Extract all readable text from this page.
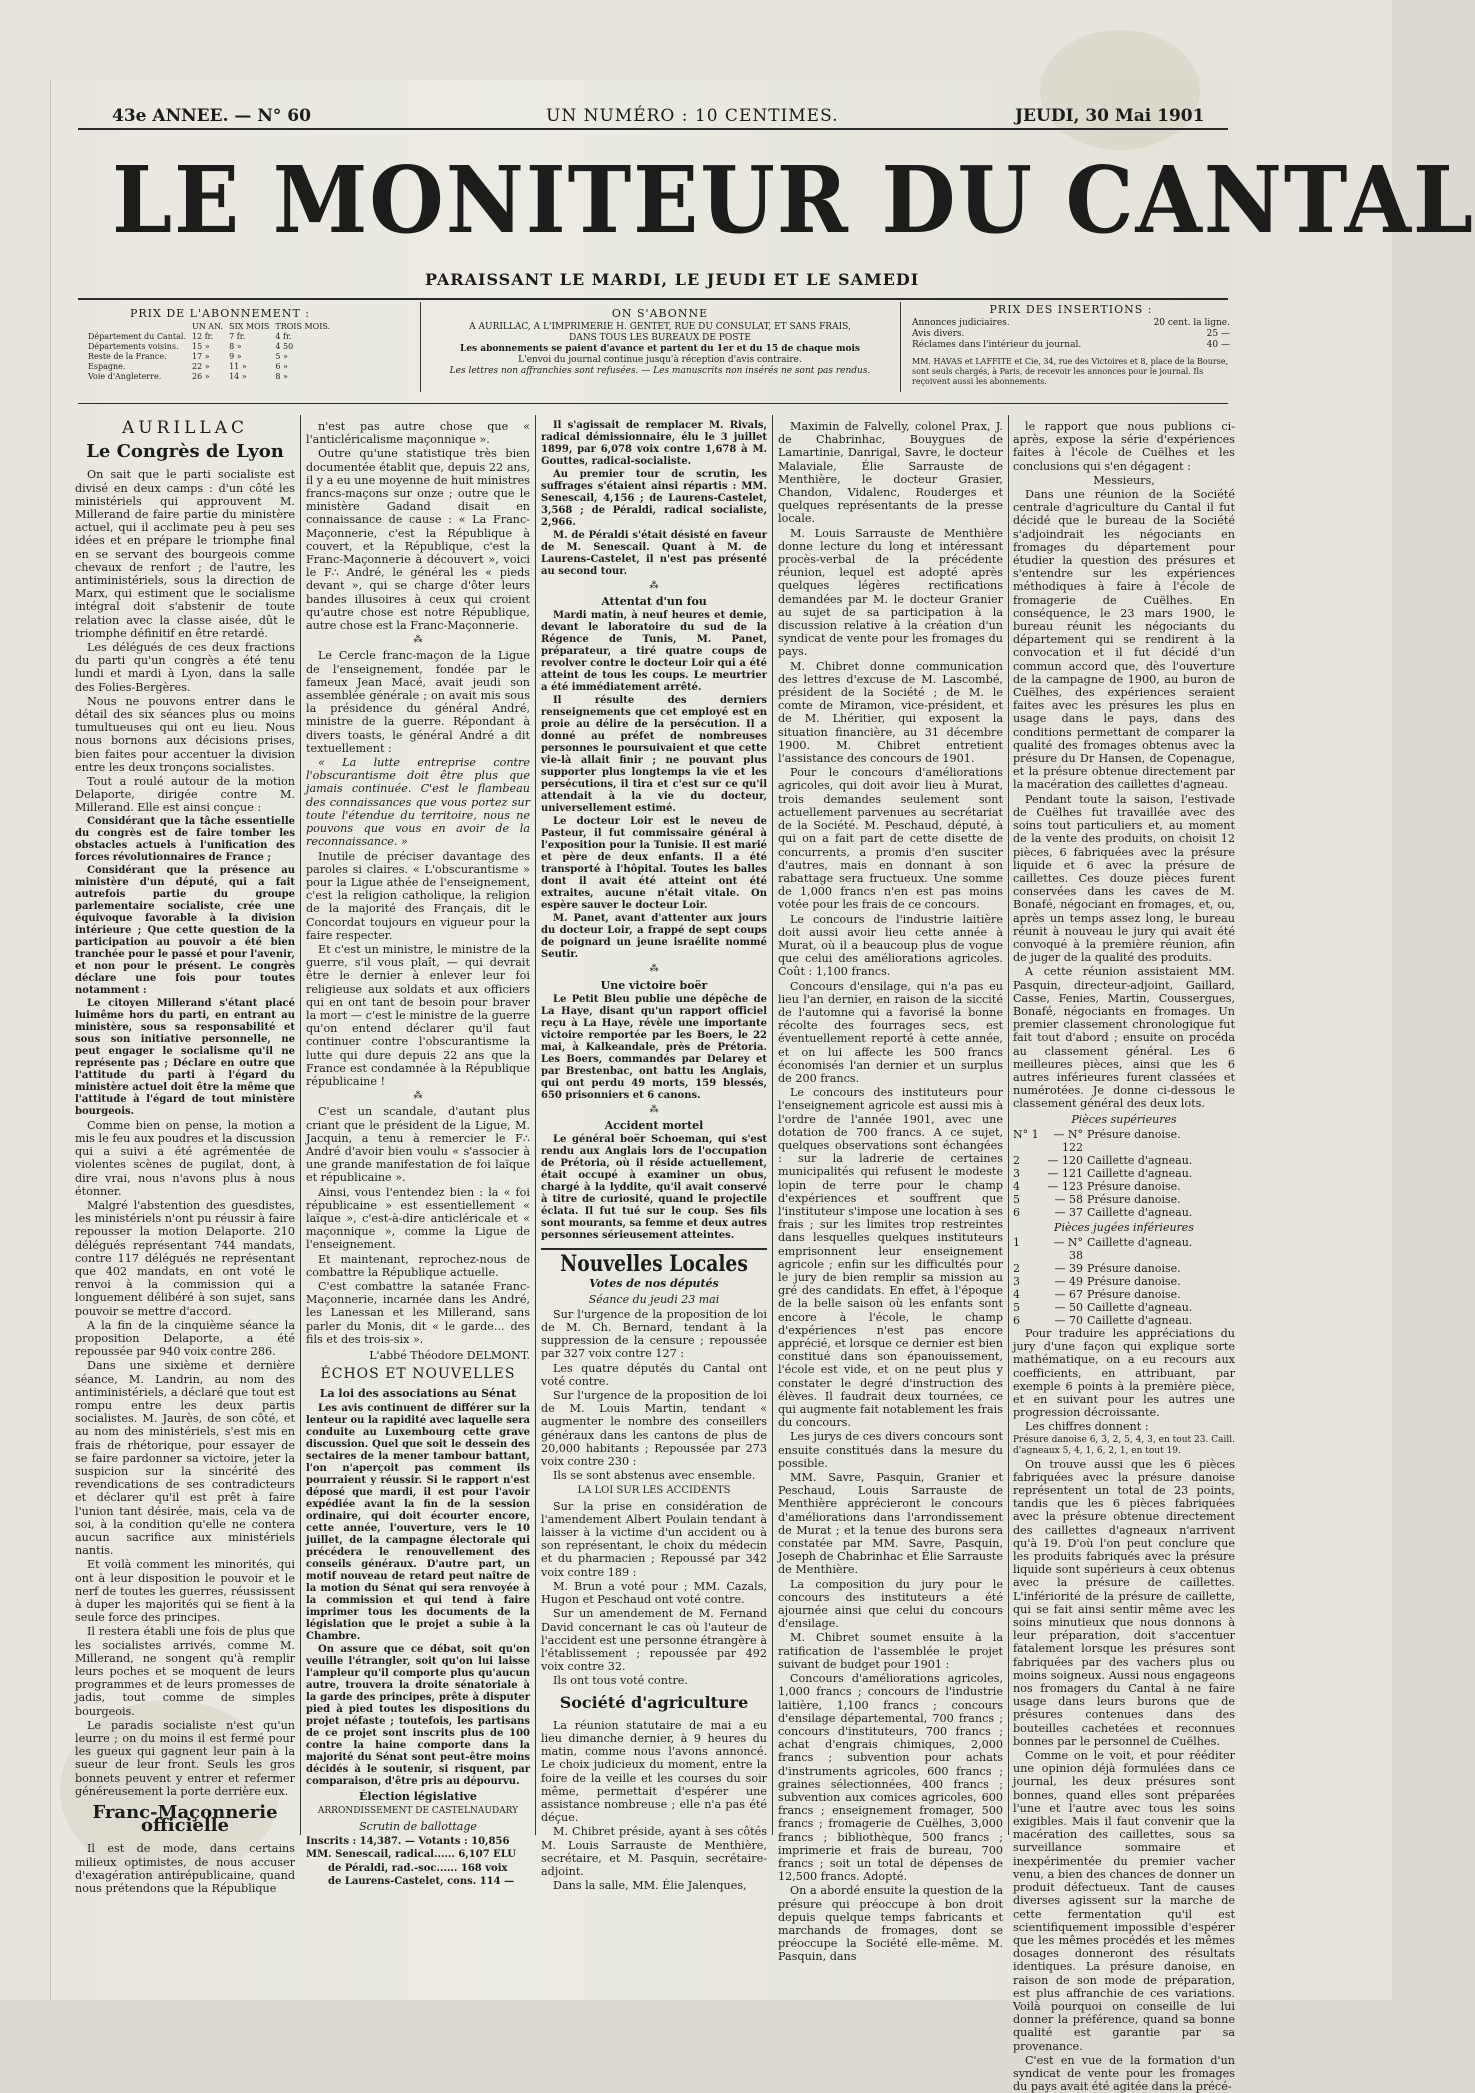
43e ANNEE. — N° 60	UN NUMÉRO : 10 CENTIMES.	JEUDI, 30 Mai 1901
LE MONITEUR DU CANTAL
PARAISSANT LE MARDI, LE JEUDI ET LE SAMEDI
PRIX DE L'ABONNEMENT :
	UN AN.	SIX MOIS	TROIS MOIS.
Département du Cantal.	12 fr.	7 fr.	4 fr.
Départements voisins.	15 »	8 »	4 50
Reste de la France.	17 »	9 »	5 »
Espagne.	22 »	11 »	6 »
Voie d'Angleterre.	26 »	14 »	8 »
ON S'ABONNE
A AURILLAC, A L'IMPRIMERIE H. GENTET, RUE DU CONSULAT, ET SANS FRAIS,
DANS TOUS LES BUREAUX DE POSTE
Les abonnements se paient d'avance et partent du 1er et du 15 de chaque mois
L'envoi du journal continue jusqu'à réception d'avis contraire.
Les lettres non affranchies sont refusées. — Les manuscrits non insérés ne sont pas rendus.
PRIX DES INSERTIONS :
Annonces judiciaires.	20 cent. la ligne.
Avis divers.	25 —
Réclames dans l'intérieur du journal.	40 —
MM. HAVAS et LAFFITE et Cie, 34, rue des Victoires et 8, place de la Bourse, sont seuls chargés, à Paris, de recevoir les annonces pour le journal. Ils reçoivent aussi les abonnements.
AURILLAC
Le Congrès de Lyon

On sait que le parti socialiste est divisé en deux camps : d'un côté les ministériels qui approuvent M. Millerand de faire partie du ministère actuel, qui il acclimate peu à peu ses idées et en prépare le triomphe final en se servant des bourgeois comme chevaux de renfort ; de l'autre, les antiministériels, sous la direction de Marx, qui estiment que le socialisme intégral doit s'abstenir de toute relation avec la classe aisée, dût le triomphe définitif en être retardé.

Les délégués de ces deux fractions du parti qu'un congrès a été tenu lundi et mardi à Lyon, dans la salle des Folies-Bergères.

Nous ne pouvons entrer dans le détail des six séances plus ou moins tumultueuses qui ont eu lieu. Nous nous bornons aux décisions prises, bien faites pour accentuer la division entre les deux tronçons socialistes.

Tout a roulé autour de la motion Delaporte, dirigée contre M. Millerand. Elle est ainsi conçue :

Considérant que la tâche essentielle du congrès est de faire tomber les obstacles actuels à l'unification des forces révolutionnaires de France ;

Considérant que la présence au ministère d'un député, qui a fait autrefois partie du groupe parlementaire socialiste, crée une équivoque favorable à la division intérieure ; Que cette question de la participation au pouvoir a été bien tranchée pour le passé et pour l'avenir, et non pour le présent. Le congrès déclare une fois pour toutes notamment :

Le citoyen Millerand s'étant placé luimême hors du parti, en entrant au ministère, sous sa responsabilité et sous son initiative personnelle, ne peut engager le socialisme qu'il ne représente pas ; Déclare en outre que l'attitude du parti à l'égard du ministère actuel doit être la même que l'attitude à l'égard de tout ministère bourgeois.

Comme bien on pense, la motion a mis le feu aux poudres et la discussion qui a suivi a été agrémentée de violentes scènes de pugilat, dont, à dire vrai, nous n'avons plus à nous étonner.

Malgré l'abstention des guesdistes, les ministériels n'ont pu réussir à faire repousser la motion Delaporte. 210 délégués représentant 744 mandats, contre 117 délégués ne représentant que 402 mandats, en ont voté le renvoi à la commission qui a longuement délibéré à son sujet, sans pouvoir se mettre d'accord.

A la fin de la cinquième séance la proposition Delaporte, a été repoussée par 940 voix contre 286.

Dans une sixième et dernière séance, M. Landrin, au nom des antiministériels, a déclaré que tout est rompu entre les deux partis socialistes. M. Jaurès, de son côté, et au nom des ministériels, s'est mis en frais de rhétorique, pour essayer de se faire pardonner sa victoire, jeter la suspicion sur la sincérité des revendications de ses contradicteurs et déclarer qu'il est prêt à faire l'union tant désirée, mais, cela va de soi, à la condition qu'elle ne contera aucun sacrifice aux ministériels nantis.

Et voilà comment les minorités, qui ont à leur disposition le pouvoir et le nerf de toutes les guerres, réussissent à duper les majorités qui se fient à la seule force des principes.

Il restera établi une fois de plus que les socialistes arrivés, comme M. Millerand, ne songent qu'à remplir leurs poches et se moquent de leurs programmes et de leurs promesses de jadis, tout comme de simples bourgeois.

Le paradis socialiste n'est qu'un leurre ; on du moins il est fermé pour les gueux qui gagnent leur pain à la sueur de leur front. Seuls les gros bonnets peuvent y entrer et refermer généreusement la porte derrière eux.

Franc-Maçonnerie officielle

Il est de mode, dans certains milieux optimistes, de nous accuser d'exagération antirépublicaine, quand nous prétendons que la République

n'est pas autre chose que « l'anticléricalisme maçonnique ».

Outre qu'une statistique très bien documentée établit que, depuis 22 ans, il y a eu une moyenne de huit ministres francs-maçons sur onze ; outre que le ministère Gadand disait en connaissance de cause : « La Franc-Maçonnerie, c'est la République à couvert, et la République, c'est la Franc-Maçonnerie à découvert », voici le F∴ André, le général les « pieds devant », qui se charge d'ôter leurs bandes illusoires à ceux qui croient qu'autre chose est notre République, autre chose est la Franc-Maçonnerie.

⁂

Le Cercle franc-maçon de la Ligue de l'enseignement, fondée par le fameux Jean Macé, avait jeudi son assemblée générale ; on avait mis sous la présidence du général André, ministre de la guerre. Répondant à divers toasts, le général André a dit textuellement :

« La lutte entreprise contre l'obscurantisme doit être plus que jamais continuée. C'est le flambeau des connaissances que vous portez sur toute l'étendue du territoire, nous ne pouvons que vous en avoir de la reconnaissance. »

Inutile de préciser davantage des paroles si claires. « L'obscurantisme » pour la Ligue athée de l'enseignement, c'est la religion catholique, la religion de la majorité des Français, dit le Concordat toujours en vigueur pour la faire respecter.

Et c'est un ministre, le ministre de la guerre, s'il vous plaît, — qui devrait être le dernier à enlever leur foi religieuse aux soldats et aux officiers qui en ont tant de besoin pour braver la mort — c'est le ministre de la guerre qu'on entend déclarer qu'il faut continuer contre l'obscurantisme la lutte qui dure depuis 22 ans que la France est condamnée à la République républicaine !

⁂

C'est un scandale, d'autant plus criant que le président de la Ligue, M. Jacquin, a tenu à remercier le F∴ André d'avoir bien voulu « s'associer à une grande manifestation de foi laïque et républicaine ».

Ainsi, vous l'entendez bien : la « foi républicaine » est essentiellement « laïque », c'est-à-dire anticléricale et « maçonnique », comme la Ligue de l'enseignement.

Et maintenant, reprochez-nous de combattre la République actuelle.

C'est combattre la satanée Franc-Maçonnerie, incarnée dans les André, les Lanessan et les Millerand, sans parler du Monis, dit « le garde... des fils et des trois-six ».

L'abbé Théodore DELMONT.
ÉCHOS ET NOUVELLES
La loi des associations au Sénat

Les avis continuent de différer sur la lenteur ou la rapidité avec laquelle sera conduite au Luxembourg cette grave discussion. Quel que soit le dessein des sectaires de la mener tambour battant, l'on n'aperçoit pas comment ils pourraient y réussir. Si le rapport n'est déposé que mardi, il est pour l'avoir expédiée avant la fin de la session ordinaire, qui doit écourter encore, cette année, l'ouverture, vers le 10 juillet, de la campagne électorale qui précédera le renouvellement des conseils généraux. D'autre part, un motif nouveau de retard peut naître de la motion du Sénat qui sera renvoyée à la commission et qui tend à faire imprimer tous les documents de la législation que le projet a subie à la Chambre.

On assure que ce débat, soit qu'on veuille l'étrangler, soit qu'on lui laisse l'ampleur qu'il comporte plus qu'aucun autre, trouvera la droite sénatoriale à la garde des principes, prête à disputer pied à pied toutes les dispositions du projet néfaste ; toutefois, les partisans de ce projet sont inscrits plus de 100 contre la haine comporte dans la majorité du Sénat sont peut-être moins décidés à le soutenir, si risquent, par comparaison, d'être pris au dépourvu.

Élection législative
ARRONDISSEMENT DE CASTELNAUDARY
Scrutin de ballottage
Inscrits : 14,387. — Votants : 10,856
MM. Senescail, radical...... 6,107 ELU
de Péraldi, rad.-soc...... 168 voix
de Laurens-Castelet, cons. 114 —

Il s'agissait de remplacer M. Rivals, radical démissionnaire, élu le 3 juillet 1899, par 6,078 voix contre 1,678 à M. Gouttes, radical-socialiste.

Au premier tour de scrutin, les suffrages s'étaient ainsi répartis : MM. Senescail, 4,156 ; de Laurens-Castelet, 3,568 ; de Péraldi, radical socialiste, 2,966.

M. de Péraldi s'était désisté en faveur de M. Senescail. Quant à M. de Laurens-Castelet, il n'est pas présenté au second tour.

⁂
Attentat d'un fou

Mardi matin, à neuf heures et demie, devant le laboratoire du sud de la Régence de Tunis, M. Panet, préparateur, a tiré quatre coups de revolver contre le docteur Loir qui a été atteint de tous les coups. Le meurtrier a été immédiatement arrêté.

Il résulte des derniers renseignements que cet employé est en proie au délire de la persécution. Il a donné au préfet de nombreuses personnes le poursuivaient et que cette vie-là allait finir ; ne pouvant plus supporter plus longtemps la vie et les persécutions, il tira et c'est sur ce qu'il attendait à la vie du docteur, universellement estimé.

Le docteur Loir est le neveu de Pasteur, il fut commissaire général à l'exposition pour la Tunisie. Il est marié et père de deux enfants. Il a été transporté à l'hôpital. Toutes les balles dont il avait été atteint ont été extraites, aucune n'était vitale. On espère sauver le docteur Loir.

M. Panet, avant d'attenter aux jours du docteur Loir, a frappé de sept coups de poignard un jeune israélite nommé Seutir.

⁂
Une victoire boër

Le Petit Bleu publie une dépêche de La Haye, disant qu'un rapport officiel reçu à La Haye, révèle une importante victoire remportée par les Boers, le 22 mai, à Kalkeandale, près de Prétoria. Les Boers, commandés par Delarey et par Brestenbac, ont battu les Anglais, qui ont perdu 49 morts, 159 blessés, 650 prisonniers et 6 canons.

⁂
Accident mortel

Le général boër Schoeman, qui s'est rendu aux Anglais lors de l'occupation de Prétoria, où il réside actuellement, était occupé à examiner un obus, chargé à la lyddite, qu'il avait conservé à titre de curiosité, quand le projectile éclata. Il fut tué sur le coup. Ses fils sont mourants, sa femme et deux autres personnes sérieusement atteintes.

Nouvelles Locales
Votes de nos députés
Séance du jeudi 23 mai

Sur l'urgence de la proposition de loi de M. Ch. Bernard, tendant à la suppression de la censure ; repoussée par 327 voix contre 127 :

Les quatre députés du Cantal ont voté contre.

Sur l'urgence de la proposition de loi de M. Louis Martin, tendant « augmenter le nombre des conseillers généraux dans les cantons de plus de 20,000 habitants ; Repoussée par 273 voix contre 230 :

Ils se sont abstenus avec ensemble.

LA LOI SUR LES ACCIDENTS

Sur la prise en considération de l'amendement Albert Poulain tendant à laisser à la victime d'un accident ou à son représentant, le choix du médecin et du pharmacien ; Repoussé par 342 voix contre 189 :

M. Brun a voté pour ; MM. Cazals, Hugon et Peschaud ont voté contre.

Sur un amendement de M. Fernand David concernant le cas où l'auteur de l'accident est une personne étrangère à l'établissement ; repoussée par 492 voix contre 32.

Ils ont tous voté contre.

Société d'agriculture

La réunion statutaire de mai a eu lieu dimanche dernier, à 9 heures du matin, comme nous l'avons annoncé. Le choix judicieux du moment, entre la foire de la veille et les courses du soir même, permettait d'espérer une assistance nombreuse ; elle n'a pas été déçue.

M. Chibret préside, ayant à ses côtés M. Louis Sarrauste de Menthière, secrétaire, et M. Pasquin, secrétaire-adjoint.

Dans la salle, MM. Élie Jalenques,

Maximin de Falvelly, colonel Prax, J. de Chabrinhac, Bouygues de Lamartinie, Danrigal, Savre, le docteur Malaviale, Élie Sarrauste de Menthière, le docteur Grasier, Chandon, Vidalenc, Rouderges et quelques représentants de la presse locale.

M. Louis Sarrauste de Menthière donne lecture du long et intéressant procès-verbal de la précédente réunion, lequel est adopté après quelques légères rectifications demandées par M. le docteur Granier au sujet de sa participation à la discussion relative à la création d'un syndicat de vente pour les fromages du pays.

M. Chibret donne communication des lettres d'excuse de M. Lascombé, président de la Société ; de M. le comte de Miramon, vice-président, et de M. Lhéritier, qui exposent la situation financière, au 31 décembre 1900. M. Chibret entretient l'assistance des concours de 1901.

Pour le concours d'améliorations agricoles, qui doit avoir lieu à Murat, trois demandes seulement sont actuellement parvenues au secrétariat de la Société. M. Peschaud, député, à qui on a fait part de cette disette de concurrents, a promis d'en susciter d'autres, mais en donnant à son rabattage sera fructueux. Une somme de 1,000 francs n'en est pas moins votée pour les frais de ce concours.

Le concours de l'industrie laitière doit aussi avoir lieu cette année à Murat, où il a beaucoup plus de vogue que celui des améliorations agricoles. Coût : 1,100 francs.

Concours d'ensilage, qui n'a pas eu lieu l'an dernier, en raison de la siccité de l'automne qui a favorisé la bonne récolte des fourrages secs, est éventuellement reporté à cette année, et on lui affecte les 500 francs économisés l'an dernier et un surplus de 200 francs.

Le concours des instituteurs pour l'enseignement agricole est aussi mis à l'ordre de l'année 1901, avec une dotation de 700 francs. A ce sujet, quelques observations sont échangées : sur la ladrerie de certaines municipalités qui refusent le modeste lopin de terre pour le champ d'expériences et souffrent que l'instituteur s'impose une location à ses frais ; sur les limites trop restreintes dans lesquelles quelques instituteurs emprisonnent leur enseignement agricole ; enfin sur les difficultés pour le jury de bien remplir sa mission au gré des candidats. En effet, à l'époque de la belle saison où les enfants sont encore à l'école, le champ d'expériences n'est pas encore apprécié, et lorsque ce dernier est bien constitué dans son épanouissement, l'école est vide, et on ne peut plus y constater le degré d'instruction des élèves. Il faudrait deux tournées, ce qui augmente fait notablement les frais du concours.

Les jurys de ces divers concours sont ensuite constitués dans la mesure du possible.

MM. Savre, Pasquin, Granier et Peschaud, Louis Sarrauste de Menthière apprécieront le concours d'améliorations dans l'arrondissement de Murat ; et la tenue des burons sera constatée par MM. Savre, Pasquin, Joseph de Chabrinhac et Élie Sarrauste de Menthière.

La composition du jury pour le concours des instituteurs a été ajournée ainsi que celui du concours d'ensilage.

M. Chibret soumet ensuite à la ratification de l'assemblée le projet suivant de budget pour 1901 :

Concours d'améliorations agricoles, 1,000 francs ; concours de l'industrie laitière, 1,100 francs ; concours d'ensilage départemental, 700 francs ; concours d'instituteurs, 700 francs ; achat d'engrais chimiques, 2,000 francs ; subvention pour achats d'instruments agricoles, 600 francs ; graines sélectionnées, 400 francs ; subvention aux comices agricoles, 600 francs ; enseignement fromager, 500 francs ; fromagerie de Cuëlhes, 3,000 francs ; bibliothèque, 500 francs ; imprimerie et frais de bureau, 700 francs ; soit un total de dépenses de 12,500 francs. Adopté.

On a abordé ensuite la question de la présure qui préoccupe à bon droit depuis quelque temps fabricants et marchands de fromages, dont se préoccupe la Société elle-même. M. Pasquin, dans

le rapport que nous publions ci-après, expose la série d'expériences faites à l'école de Cuëlhes et les conclusions qui s'en dégagent :

Messieurs,

Dans une réunion de la Société centrale d'agriculture du Cantal il fut décidé que le bureau de la Société s'adjoindrait les négociants en fromages du département pour étudier la question des présures et s'entendre sur les expériences méthodiques à faire à l'école de fromagerie de Cuëlhes. En conséquence, le 23 mars 1900, le bureau réunit les négociants du département qui se rendirent à la convocation et il fut décidé d'un commun accord que, dès l'ouverture de la campagne de 1900, au buron de Cuëlhes, des expériences seraient faites avec les présures les plus en usage dans le pays, dans des conditions permettant de comparer la qualité des fromages obtenus avec la présure du Dr Hansen, de Copenague, et la présure obtenue directement par la macération des caillettes d'agneau.

Pendant toute la saison, l'estivade de Cuëlhes fut travaillée avec des soins tout particuliers et, au moment de la vente des produits, on choisit 12 pièces, 6 fabriquées avec la présure liquide et 6 avec la présure de caillettes. Ces douze pièces furent conservées dans les caves de M. Bonafé, négociant en fromages, et, ou, après un temps assez long, le bureau réunit à nouveau le jury qui avait été convoqué à la première réunion, afin de juger de la qualité des produits.

A cette réunion assistaient MM. Pasquin, directeur-adjoint, Gaillard, Casse, Fenies, Martin, Coussergues, Bonafé, négociants en fromages. Un premier classement chronologique fut fait tout d'abord ; ensuite on procéda au classement général. Les 6 meilleures pièces, ainsi que les 6 autres inférieures furent classées et numérotées. Je donne ci-dessous le classement général des deux lots.

Pièces supérieures
N° 1	— N° 122
Présure danoise.
2	— 120 Caillette d'agneau.
3	— 121 Caillette d'agneau.
4	— 123 Présure danoise.
5	— 58 Présure danoise.
6	— 37 Caillette d'agneau.
Pièces jugées inférieures
1	— N° 38
Caillette d'agneau.
2	— 39 Présure danoise.
3	— 49 Présure danoise.
4	— 67 Présure danoise.
5	— 50 Caillette d'agneau.
6	— 70 Caillette d'agneau.

Pour traduire les appréciations du jury d'une façon qui explique sorte mathématique, on a eu recours aux coefficients, en attribuant, par exemple 6 points à la première pièce, et en suivant pour les autres une progression décroissante.

Les chiffres donnent :

Présure danoise 6, 3, 2, 5, 4, 3, en tout 23. Caill. d'agneaux 5, 4, 1, 6, 2, 1, en tout 19.

On trouve aussi que les 6 pièces fabriquées avec la présure danoise représentent un total de 23 points, tandis que les 6 pièces fabriquées avec la présure obtenue directement des caillettes d'agneaux n'arrivent qu'à 19. D'où l'on peut conclure que les produits fabriqués avec la présure liquide sont supérieurs à ceux obtenus avec la présure de caillettes. L'infériorité de la présure de caillette, qui se fait ainsi sentir même avec les soins minutieux que nous donnons à leur préparation, doit s'accentuer fatalement lorsque les présures sont fabriquées par des vachers plus ou moins soigneux. Aussi nous engageons nos fromagers du Cantal à ne faire usage dans leurs burons que de présures contenues dans des bouteilles cachetées et reconnues bonnes par le personnel de Cuëlhes.

Comme on le voit, et pour rééditer une opinion déjà formulées dans ce journal, les deux présures sont bonnes, quand elles sont préparées l'une et l'autre avec tous les soins exigibles. Mais il faut convenir que la macération des caillettes, sous sa surveillance sommaire et inexpérimentée du premier vacher venu, a bien des chances de donner un produit défectueux. Tant de causes diverses agissent sur la marche de cette fermentation qu'il est scientifiquement impossible d'espérer que les mêmes procédés et les mêmes dosages donneront des résultats identiques. La présure danoise, en raison de son mode de préparation, est plus affranchie de ces variations. Voilà pourquoi on conseille de lui donner la préférence, quand sa bonne qualité est garantie par sa provenance.

C'est en vue de la formation d'un syndicat de vente pour les fromages du pays avait été agitée dans la précé-
